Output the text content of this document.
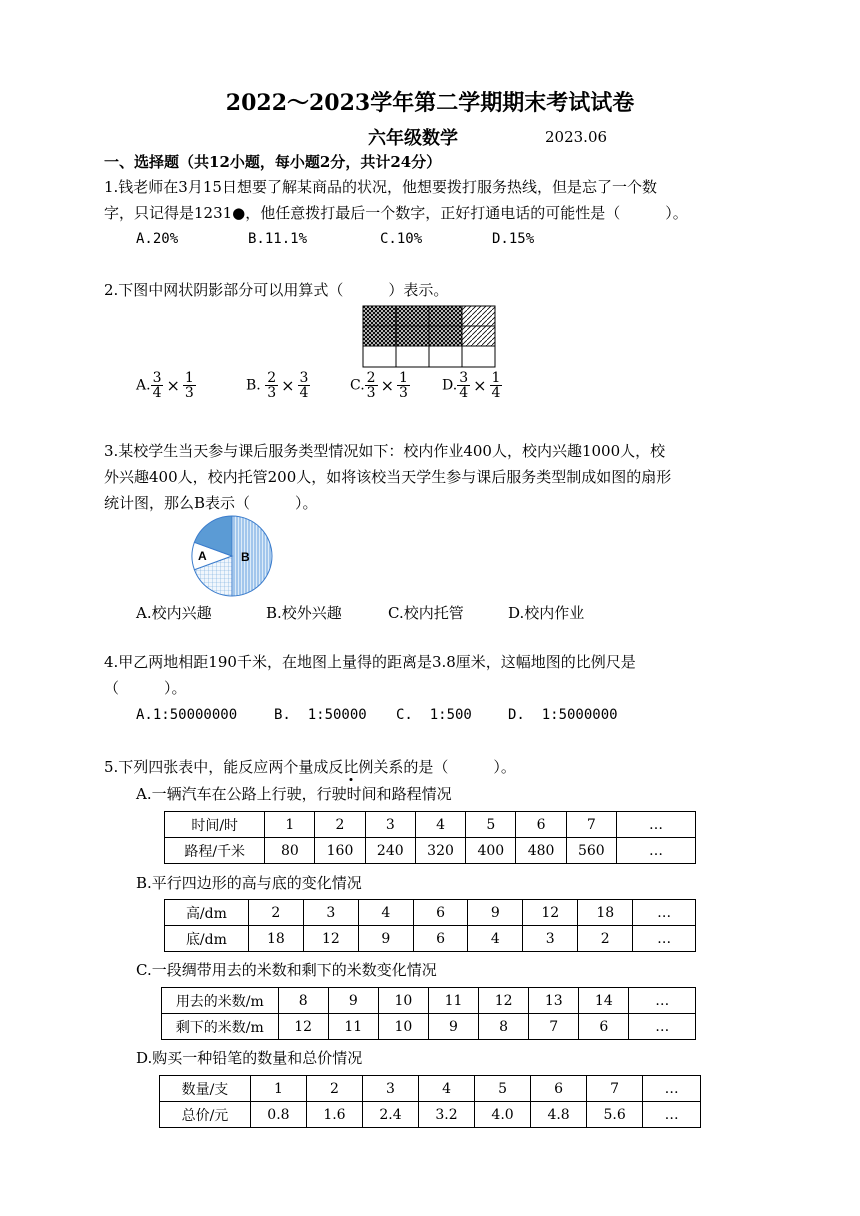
2022～2023学年第二学期期末考试试卷
六年级数学	2023.06
一、选择题（共12小题，每小题2分，共计24分）
1.钱老师在3月15日想要了解某商品的状况，他想要拨打服务热线，但是忘了一个数
字，只记得是1231●，他任意拨打最后一个数字，正好打通电话的可能性是（　　　）。
A.20%	B.11.1%	C.10%	D.15%
2.下图中网状阴影部分可以用算式（　　　）表示。
A. $\frac{3}{4} \times \frac{1}{3}$	B. $\frac{2}{3} \times \frac{3}{4}$	C. $\frac{2}{3} \times \frac{1}{3} D$. $\frac{3}{4} \times \frac{1}{4}$
3.某校学生当天参与课后服务类型情况如下：校内作业400人，校内兴趣1000人，校
外兴趣400人，校内托管200人，如将该校当天学生参与课后服务类型制成如图的扇形
统计图，那么B表示（　　　）。
A	B
A.校内兴趣	B.校外兴趣	C.校内托管	D.校内作业
4.甲乙两地相距190千米，在地图上量得的距离是3.8厘米，这幅地图的比例尺是
（　　　）。
A.1:50000000	B.  1:50000 C.  1:500	D.  1:5000000
5.下列四张表中，能反应两个量成反比例关系的是（　　　）。
A.一辆汽车在公路上行驶，行驶时间和路程情况
时间/时	1	2	3	4	5	6	7	…
路程/千米	80	160	240	320	400	480	560	…
B.平行四边形的高与底的变化情况
高/dm	2	3	4	6	9	12	18	…
底/dm	18	12	9	6	4	3	2	…
C.一段绸带用去的米数和剩下的米数变化情况
用去的米数/m	8	9	10	11	12	13	14	…
剩下的米数/m	12	11	10	9	8	7	6	…
D.购买一种铅笔的数量和总价情况
数量/支	1	2	3	4	5	6	7	…
总价/元	0.8	1.6	2.4	3.2	4.0	4.8	5.6	…
